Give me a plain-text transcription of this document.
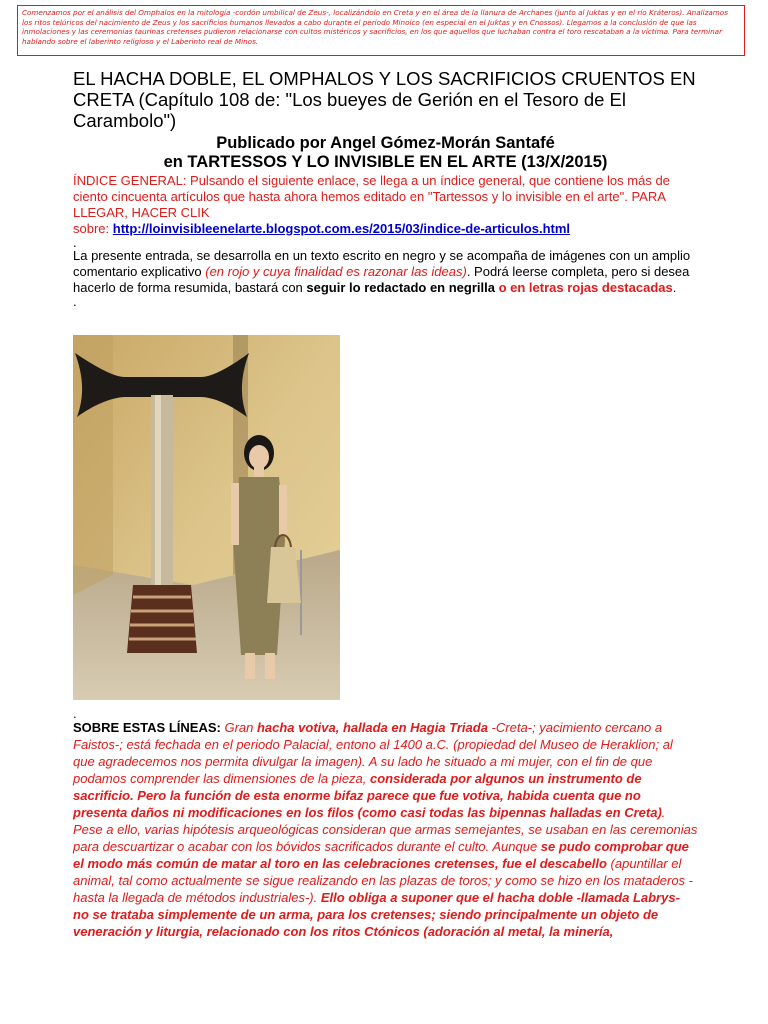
Comenzamos por el análisis del Omphalos en la mitología -cordón umbilical de Zeus-, localizándolo en Creta y en el área de la llanura de Archanes (junto al Juktas y en el río Kráteros). Analizamos los ritos telúricos del nacimiento de Zeus y los sacrificios humanos llevados a cabo durante el periodo Minoico (en especial en el Juktas y en Cnossos). Llegamos a la conclusión de que las inmolaciones y las ceremonias taurinas cretenses pudieron relacionarse con cultos mistéricos y sacrificios, en los que aquellos que luchaban contra el toro rescataban a la víctima. Para terminar hablando sobre el laberinto religioso y el Laberinto real de Minos.
EL HACHA DOBLE, EL OMPHALOS Y LOS SACRIFICIOS CRUENTOS EN CRETA (Capítulo 108 de: "Los bueyes de Gerión en el Tesoro de El Carambolo")
Publicado por Angel Gómez-Morán Santafé
en TARTESSOS Y LO INVISIBLE EN EL ARTE (13/X/2015)

ÍNDICE GENERAL: Pulsando el siguiente enlace, se llega a un índice general, que contiene los más de ciento cincuenta artículos que hasta ahora hemos editado en "Tartessos y lo invisible en el arte". PARA LLEGAR, HACER CLIK
sobre: http://loinvisibleenelarte.blogspot.com.es/2015/03/indice-de-articulos.html

.

La presente entrada, se desarrolla en un texto escrito en negro y se acompaña de imágenes con un amplio comentario explicativo (en rojo y cuya finalidad es razonar las ideas). Podrá leerse completa, pero si desea hacerlo de forma resumida, bastará con seguir lo redactado en negrilla o en letras rojas destacadas.

.
.

SOBRE ESTAS LÍNEAS: Gran hacha votiva, hallada en Hagia Triada -Creta-; yacimiento cercano a Faistos-; está fechada en el periodo Palacial, entono al 1400 a.C. (propiedad del Museo de Heraklion; al que agradecemos nos permita divulgar la imagen). A su lado he situado a mi mujer, con el fin de que podamos comprender las dimensiones de la pieza, considerada por algunos un instrumento de sacrificio. Pero la función de esta enorme bifaz parece que fue votiva, habida cuenta que no presenta daños ni modificaciones en los filos (como casi todas las bipennas halladas en Creta). Pese a ello, varias hipótesis arqueológicas consideran que armas semejantes, se usaban en las ceremonias para descuartizar o acabar con los bóvidos sacrificados durante el culto. Aunque se pudo comprobar que el modo más común de matar al toro en las celebraciones cretenses, fue el descabello (apuntillar el animal, tal como actualmente se sigue realizando en las plazas de toros; y como se hizo en los mataderos -hasta la llegada de métodos industriales-). Ello obliga a suponer que el hacha doble -llamada Labrys- no se trataba simplemente de un arma, para los cretenses; siendo principalmente un objeto de veneración y liturgia, relacionado con los ritos Ctónicos (adoración al metal, la minería,
